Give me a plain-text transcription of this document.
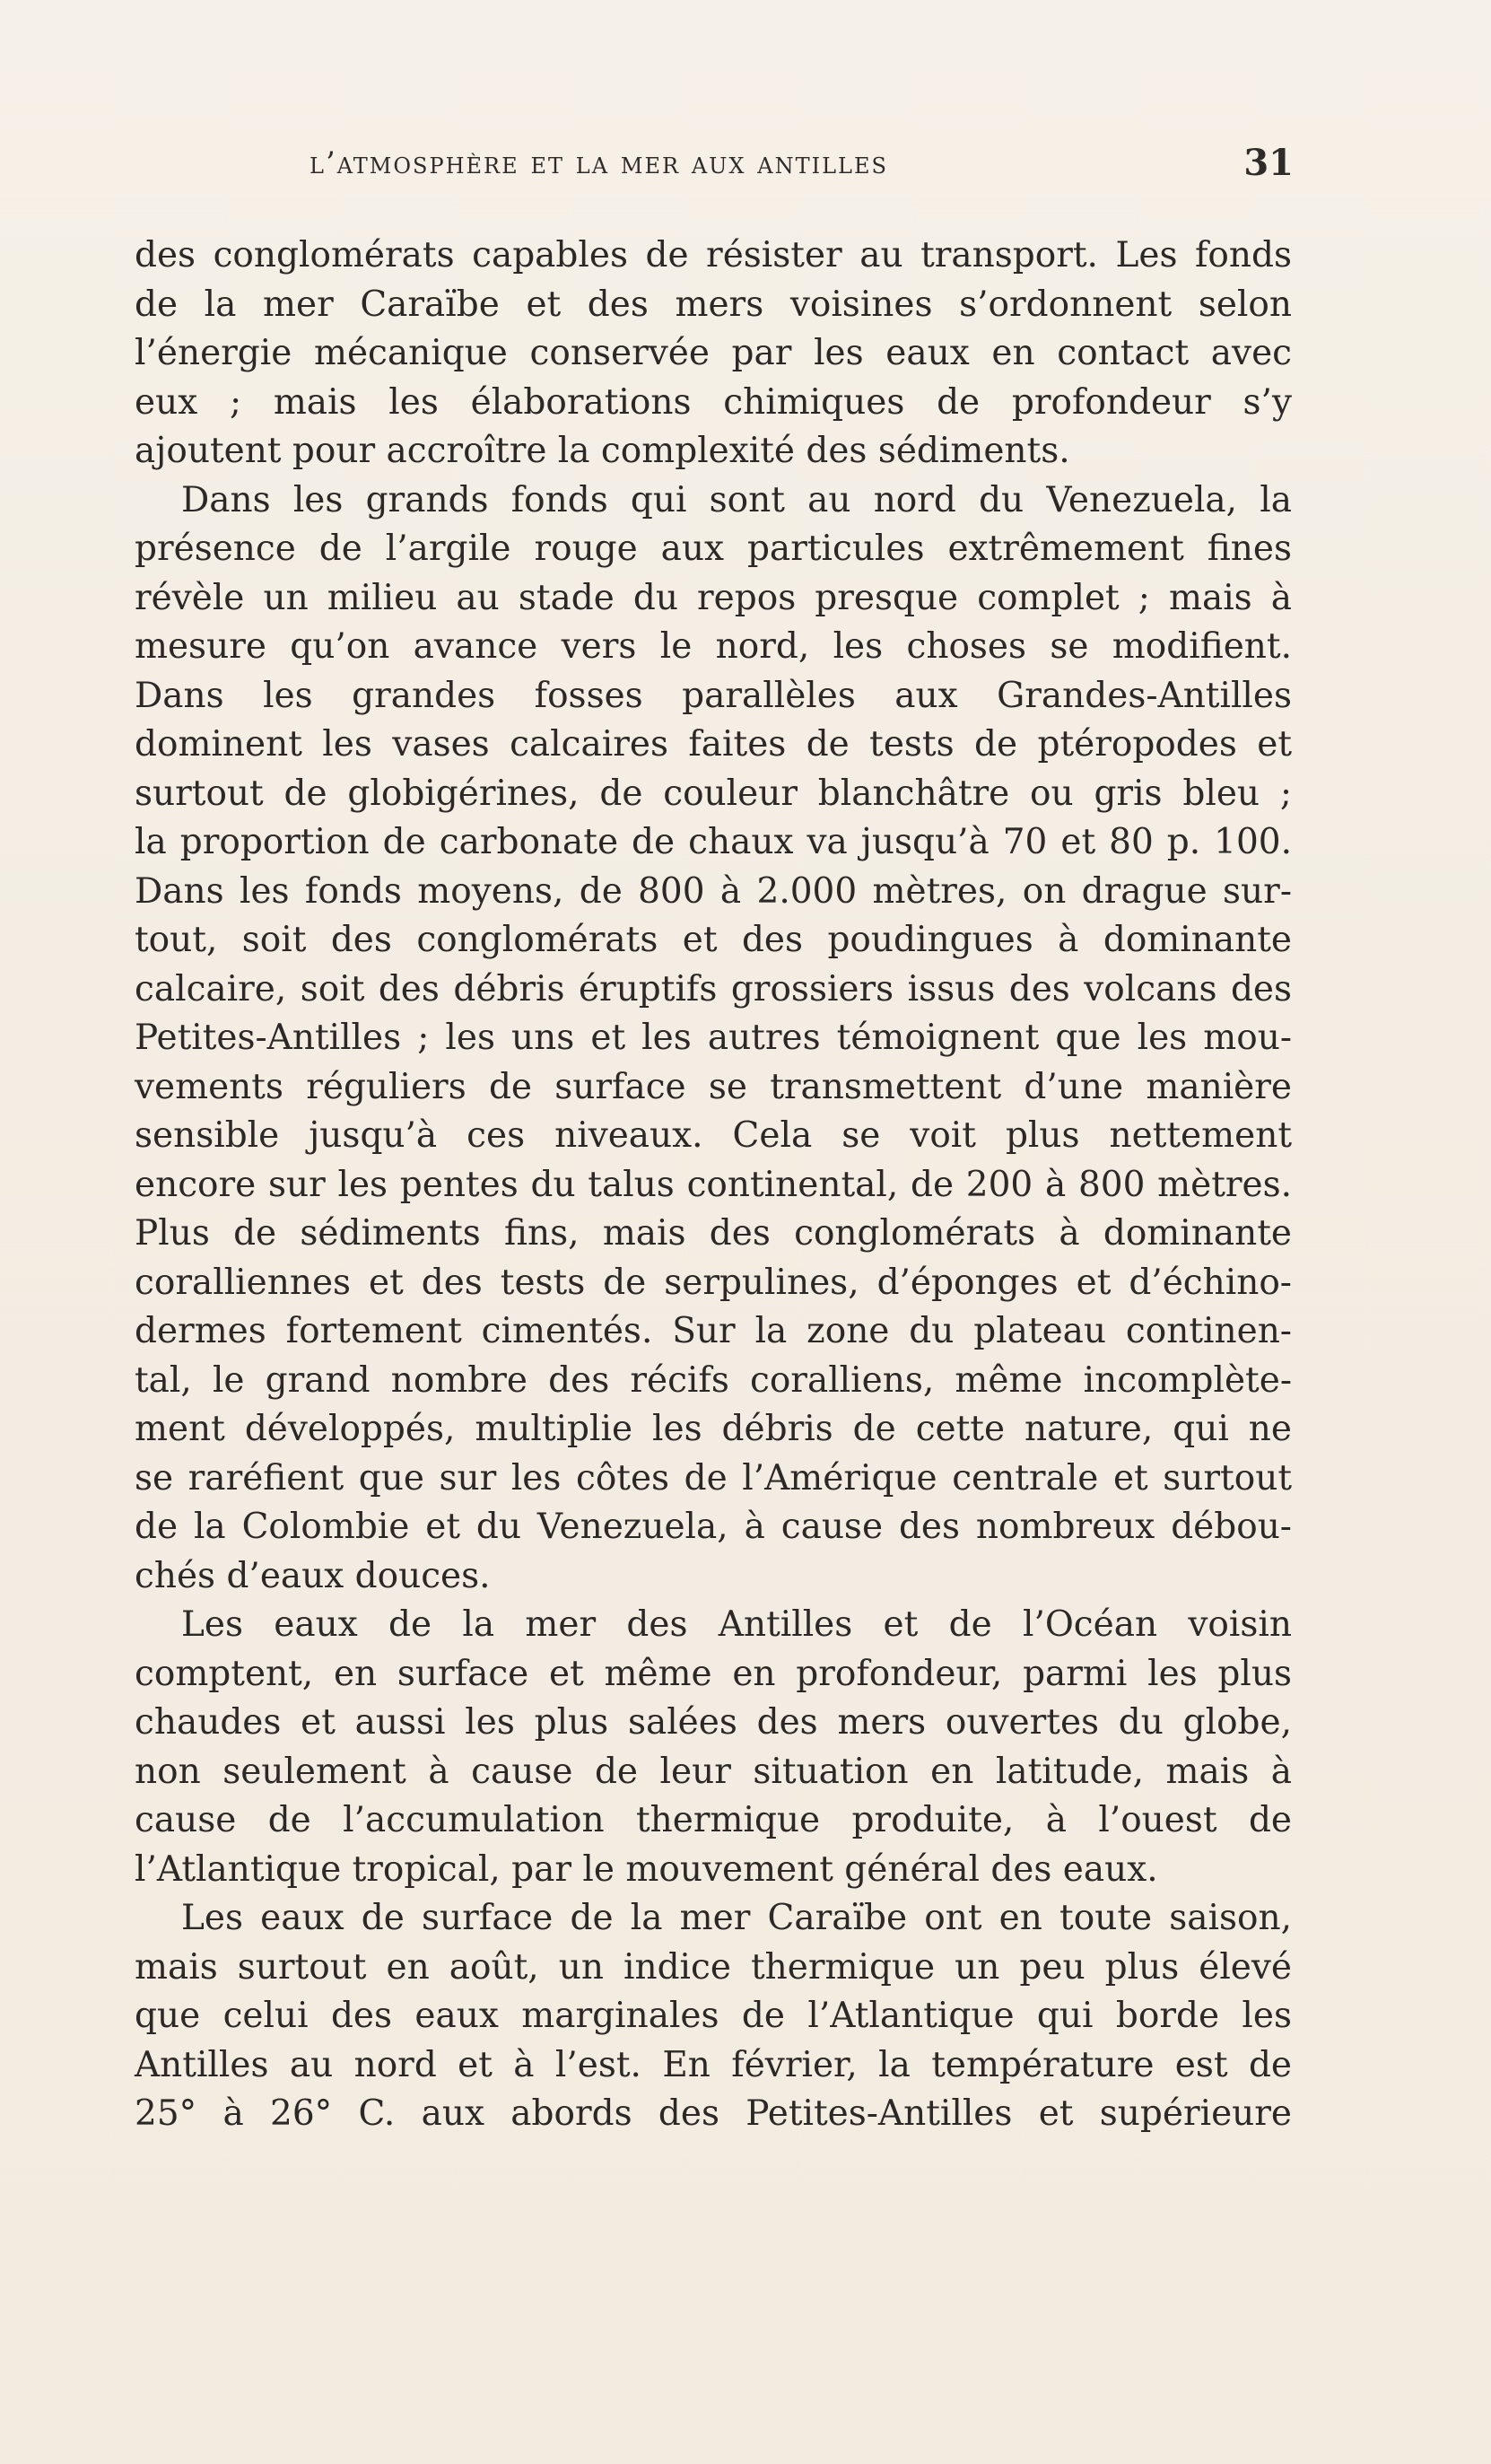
l’atmosphère et la mer aux antilles	31
des conglomérats capables de résister au transport. Les fonds
de la mer Caraïbe et des mers voisines s’ordonnent selon
l’énergie mécanique conservée par les eaux en contact avec
eux ; mais les élaborations chimiques de profondeur s’y
ajoutent pour accroître la complexité des sédiments.
Dans les grands fonds qui sont au nord du Venezuela, la
présence de l’argile rouge aux particules extrêmement fines
révèle un milieu au stade du repos presque complet ; mais à
mesure qu’on avance vers le nord, les choses se modifient.
Dans les grandes fosses parallèles aux Grandes-Antilles
dominent les vases calcaires faites de tests de ptéropodes et
surtout de globigérines, de couleur blanchâtre ou gris bleu ;
la proportion de carbonate de chaux va jusqu’à 70 et 80 p. 100.
Dans les fonds moyens, de 800 à 2.000 mètres, on drague sur-
tout, soit des conglomérats et des poudingues à dominante
calcaire, soit des débris éruptifs grossiers issus des volcans des
Petites-Antilles ; les uns et les autres témoignent que les mou-
vements réguliers de surface se transmettent d’une manière
sensible jusqu’à ces niveaux. Cela se voit plus nettement
encore sur les pentes du talus continental, de 200 à 800 mètres.
Plus de sédiments fins, mais des conglomérats à dominante
coralliennes et des tests de serpulines, d’éponges et d’échino-
dermes fortement cimentés. Sur la zone du plateau continen-
tal, le grand nombre des récifs coralliens, même incomplète-
ment développés, multiplie les débris de cette nature, qui ne
se raréfient que sur les côtes de l’Amérique centrale et surtout
de la Colombie et du Venezuela, à cause des nombreux débou-
chés d’eaux douces.
Les eaux de la mer des Antilles et de l’Océan voisin
comptent, en surface et même en profondeur, parmi les plus
chaudes et aussi les plus salées des mers ouvertes du globe,
non seulement à cause de leur situation en latitude, mais à
cause de l’accumulation thermique produite, à l’ouest de
l’Atlantique tropical, par le mouvement général des eaux.
Les eaux de surface de la mer Caraïbe ont en toute saison,
mais surtout en août, un indice thermique un peu plus élevé
que celui des eaux marginales de l’Atlantique qui borde les
Antilles au nord et à l’est. En février, la température est de
25° à 26° C. aux abords des Petites-Antilles et supérieure
